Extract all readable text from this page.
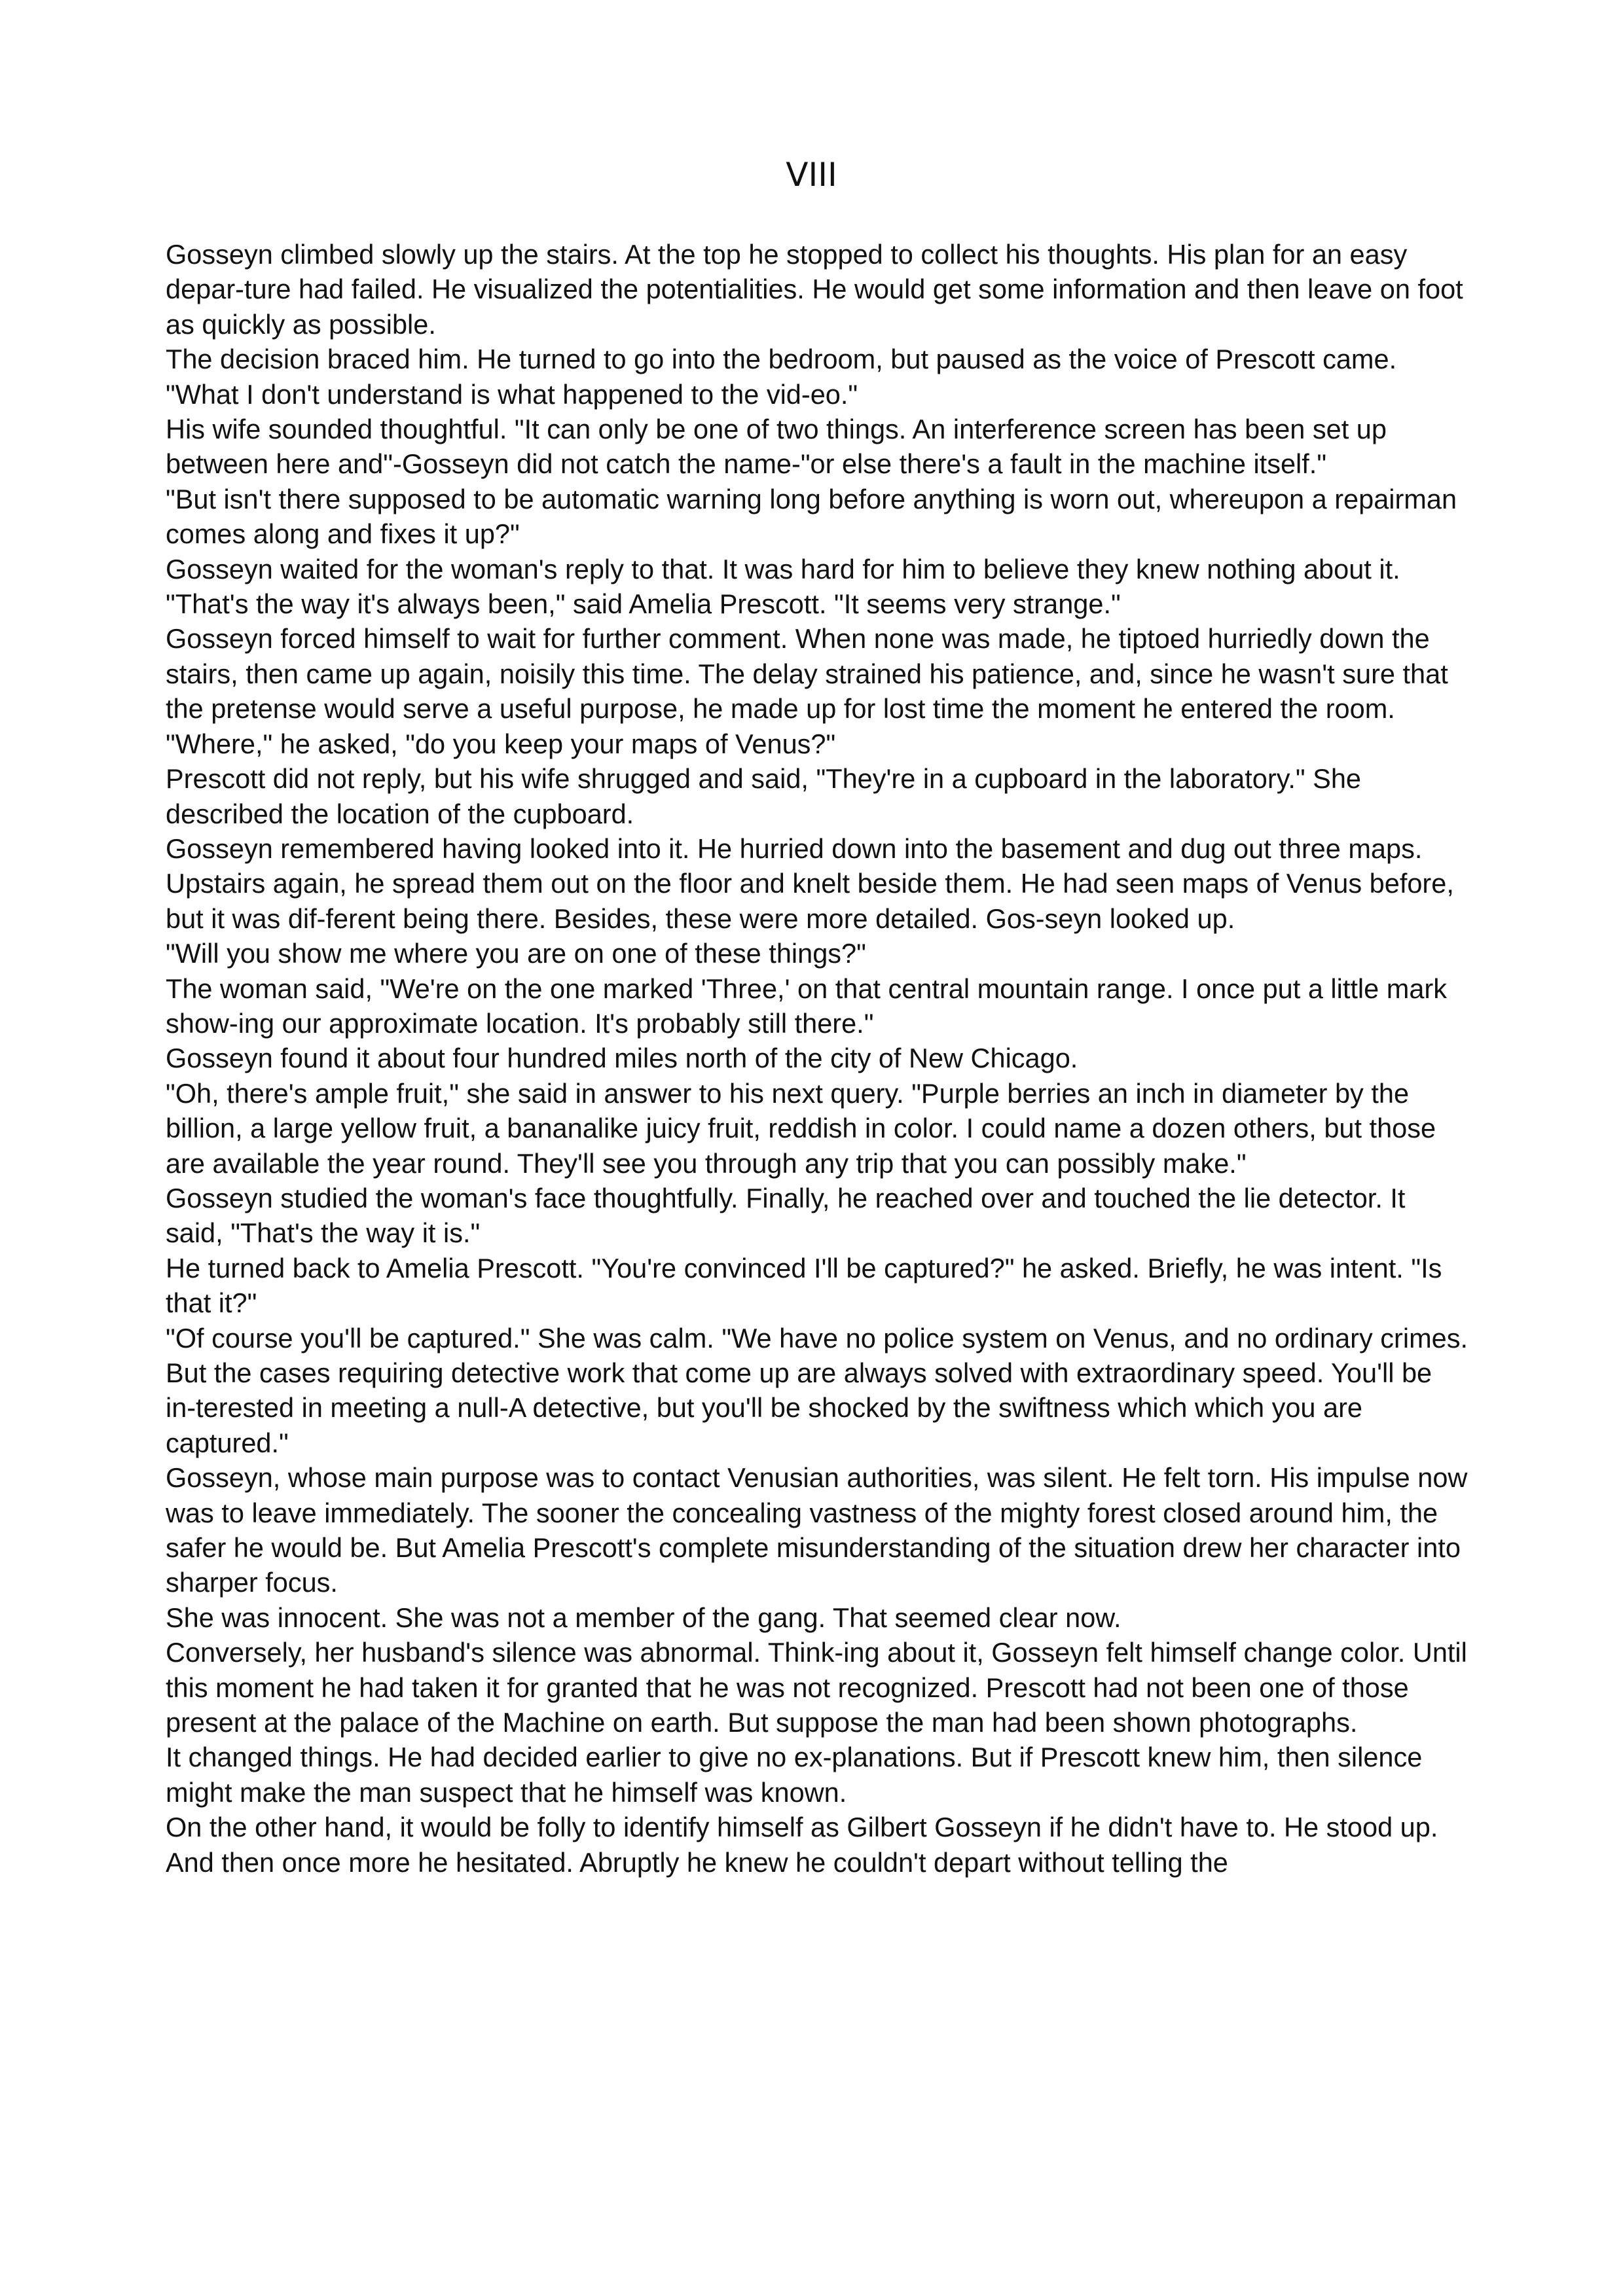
VIII

Gosseyn climbed slowly up the stairs. At the top he stopped to collect his thoughts. His plan for an easy depar-ture had failed. He visualized the potentialities. He would get some information and then leave on foot as quickly as possible.

The decision braced him. He turned to go into the bedroom, but paused as the voice of Prescott came.

"What I don't understand is what happened to the vid-eo."

His wife sounded thoughtful. "It can only be one of two things. An interference screen has been set up between here and"-Gosseyn did not catch the name-"or else there's a fault in the machine itself."

"But isn't there supposed to be automatic warning long before anything is worn out, whereupon a repairman comes along and fixes it up?"

Gosseyn waited for the woman's reply to that. It was hard for him to believe they knew nothing about it.

"That's the way it's always been," said Amelia Prescott. "It seems very strange."

Gosseyn forced himself to wait for further comment. When none was made, he tiptoed hurriedly down the stairs, then came up again, noisily this time. The delay strained his patience, and, since he wasn't sure that the pretense would serve a useful purpose, he made up for lost time the moment he entered the room.

"Where," he asked, "do you keep your maps of Venus?"

Prescott did not reply, but his wife shrugged and said, "They're in a cupboard in the laboratory." She described the location of the cupboard.

Gosseyn remembered having looked into it. He hurried down into the basement and dug out three maps. Upstairs again, he spread them out on the floor and knelt beside them. He had seen maps of Venus before, but it was dif-ferent being there. Besides, these were more detailed. Gos-seyn looked up.

"Will you show me where you are on one of these things?"

The woman said, "We're on the one marked 'Three,' on that central mountain range. I once put a little mark show-ing our approximate location. It's probably still there."

Gosseyn found it about four hundred miles north of the city of New Chicago.

"Oh, there's ample fruit," she said in answer to his next query. "Purple berries an inch in diameter by the billion, a large yellow fruit, a bananalike juicy fruit, reddish in color. I could name a dozen others, but those are available the year round. They'll see you through any trip that you can possibly make."

Gosseyn studied the woman's face thoughtfully. Finally, he reached over and touched the lie detector. It said, "That's the way it is."

He turned back to Amelia Prescott. "You're convinced I'll be captured?" he asked. Briefly, he was intent. "Is that it?"

"Of course you'll be captured." She was calm. "We have no police system on Venus, and no ordinary crimes. But the cases requiring detective work that come up are always solved with extraordinary speed. You'll be in-terested in meeting a null-A detective, but you'll be shocked by the swiftness which which you are captured."

Gosseyn, whose main purpose was to contact Venusian authorities, was silent. He felt torn. His impulse now was to leave immediately. The sooner the concealing vastness of the mighty forest closed around him, the safer he would be. But Amelia Prescott's complete misunderstanding of the situation drew her character into sharper focus.

She was innocent. She was not a member of the gang. That seemed clear now.

Conversely, her husband's silence was abnormal. Think-ing about it, Gosseyn felt himself change color. Until this moment he had taken it for granted that he was not recognized. Prescott had not been one of those present at the palace of the Machine on earth. But suppose the man had been shown photographs.

It changed things. He had decided earlier to give no ex-planations. But if Prescott knew him, then silence might make the man suspect that he himself was known.

On the other hand, it would be folly to identify himself as Gilbert Gosseyn if he didn't have to. He stood up. And then once more he hesitated. Abruptly he knew he couldn't depart without telling the
